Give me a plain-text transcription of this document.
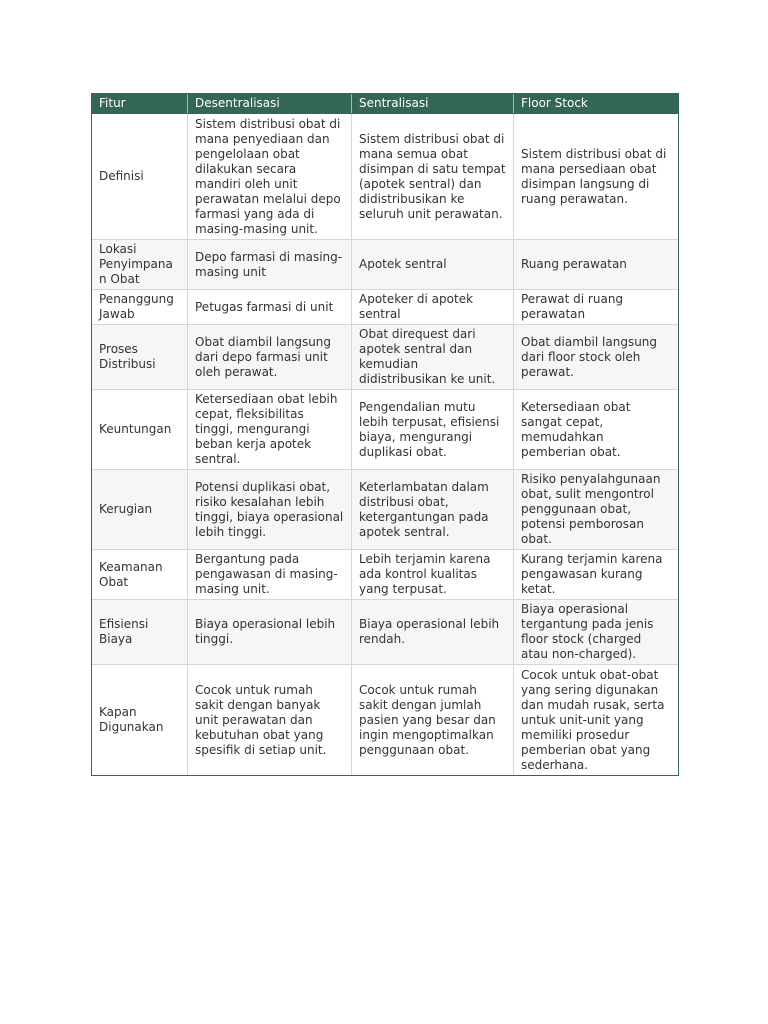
Fitur	Desentralisasi	Sentralisasi	Floor Stock
Definisi	Sistem distribusi obat di mana penyediaan dan pengelolaan obat dilakukan secara mandiri oleh unit perawatan melalui depo farmasi yang ada di masing-masing unit.	Sistem distribusi obat di mana semua obat disimpan di satu tempat (apotek sentral) dan didistribusikan ke seluruh unit perawatan.	Sistem distribusi obat di mana persediaan obat disimpan langsung di ruang perawatan.
Lokasi Penyimpanan Obat	Depo farmasi di masing-masing unit	Apotek sentral	Ruang perawatan
Penanggung Jawab	Petugas farmasi di unit	Apoteker di apotek sentral	Perawat di ruang perawatan
Proses Distribusi	Obat diambil langsung dari depo farmasi unit oleh perawat.	Obat direquest dari apotek sentral dan kemudian didistribusikan ke unit.	Obat diambil langsung dari floor stock oleh perawat.
Keuntungan	Ketersediaan obat lebih cepat, fleksibilitas tinggi, mengurangi beban kerja apotek sentral.	Pengendalian mutu lebih terpusat, efisiensi biaya, mengurangi duplikasi obat.	Ketersediaan obat sangat cepat, memudahkan pemberian obat.
Kerugian	Potensi duplikasi obat, risiko kesalahan lebih tinggi, biaya operasional lebih tinggi.	Keterlambatan dalam distribusi obat, ketergantungan pada apotek sentral.	Risiko penyalahgunaan obat, sulit mengontrol penggunaan obat, potensi pemborosan obat.
Keamanan Obat	Bergantung pada pengawasan di masing-masing unit.	Lebih terjamin karena ada kontrol kualitas yang terpusat.	Kurang terjamin karena pengawasan kurang ketat.
Efisiensi Biaya	Biaya operasional lebih tinggi.	Biaya operasional lebih rendah.	Biaya operasional tergantung pada jenis floor stock (charged atau non-charged).
Kapan Digunakan	Cocok untuk rumah sakit dengan banyak unit perawatan dan kebutuhan obat yang spesifik di setiap unit.	Cocok untuk rumah sakit dengan jumlah pasien yang besar dan ingin mengoptimalkan penggunaan obat.	Cocok untuk obat-obat yang sering digunakan dan mudah rusak, serta untuk unit-unit yang memiliki prosedur pemberian obat yang sederhana.
